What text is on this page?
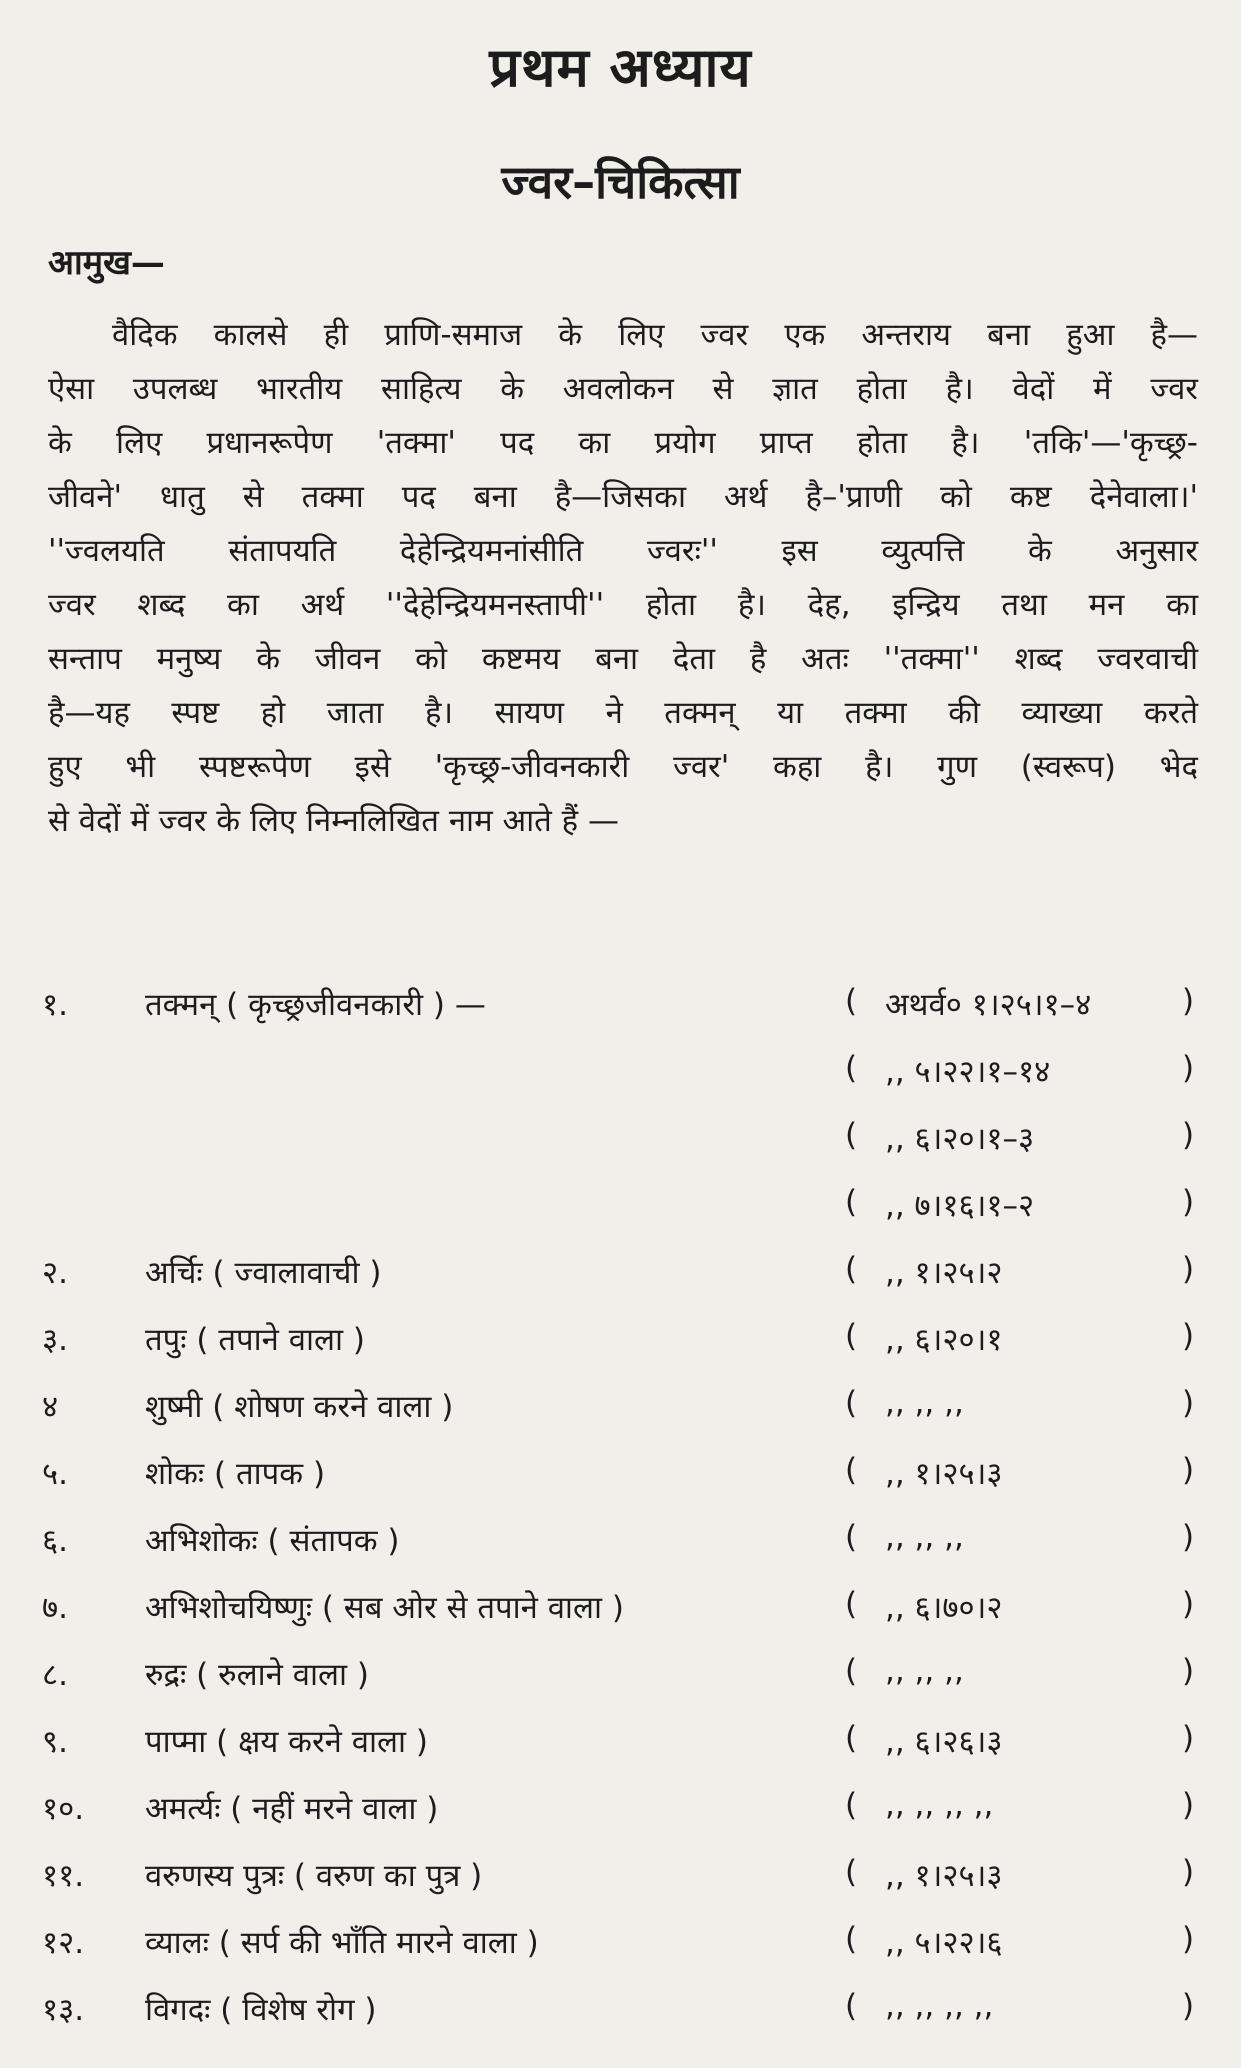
प्रथम अध्याय
ज्वर–चिकित्सा
आमुख—
वैदिक कालसे ही प्राणि-समाज के लिए ज्वर एक अन्तराय बना हुआ है—
ऐसा उपलब्ध भारतीय साहित्य के अवलोकन से ज्ञात होता है। वेदों में ज्वर
के लिए प्रधानरूपेण 'तक्मा' पद का प्रयोग प्राप्त होता है। 'तकि'—'कृच्छ्र-
जीवने' धातु से तक्मा पद बना है—जिसका अर्थ है–'प्राणी को कष्ट देनेवाला।'
''ज्वलयति संतापयति देहेन्द्रियमनांसीति ज्वरः'' इस व्युत्पत्ति के अनुसार
ज्वर शब्द का अर्थ ''देहेन्द्रियमनस्तापी'' होता है। देह, इन्द्रिय तथा मन का
सन्ताप मनुष्य के जीवन को कष्टमय बना देता है अतः ''तक्मा'' शब्द ज्वरवाची
है—यह स्पष्ट हो जाता है। सायण ने तक्मन् या तक्मा की व्याख्या करते
हुए भी स्पष्टरूपेण इसे 'कृच्छ्र-जीवनकारी ज्वर' कहा है। गुण (स्वरूप) भेद
से वेदों में ज्वर के लिए निम्नलिखित नाम आते हैं —
१. तक्मन् ( कृच्छ्रजीवनकारी ) —	( अथर्व० १।२५।१–४	)
( ,, ५।२२।१–१४	)
( ,, ६।२०।१–३	)
( ,, ७।१६।१–२	)
२. अर्चिः ( ज्वालावाची )	( ,, १।२५।२	)
३. तपुः ( तपाने वाला )	( ,, ६।२०।१	)
४	शुष्मी ( शोषण करने वाला )	( ,, ,, ,,	)
५. शोकः ( तापक )	( ,, १।२५।३	)
६. अभिशोकः ( संतापक )	( ,, ,, ,,	)
७. अभिशोचयिष्णुः ( सब ओर से तपाने वाला )	( ,, ६।७०।२	)
८. रुद्रः ( रुलाने वाला )	( ,, ,, ,,	)
९. पाप्मा ( क्षय करने वाला )	( ,, ६।२६।३	)
१०. अमर्त्यः ( नहीं मरने वाला )	( ,, ,, ,, ,,	)
११. वरुणस्य पुत्रः ( वरुण का पुत्र )	( ,, १।२५।३	)
१२. व्यालः ( सर्प की भाँति मारने वाला )	( ,, ५।२२।६	)
१३. विगदः ( विशेष रोग )	( ,, ,, ,, ,,	)
